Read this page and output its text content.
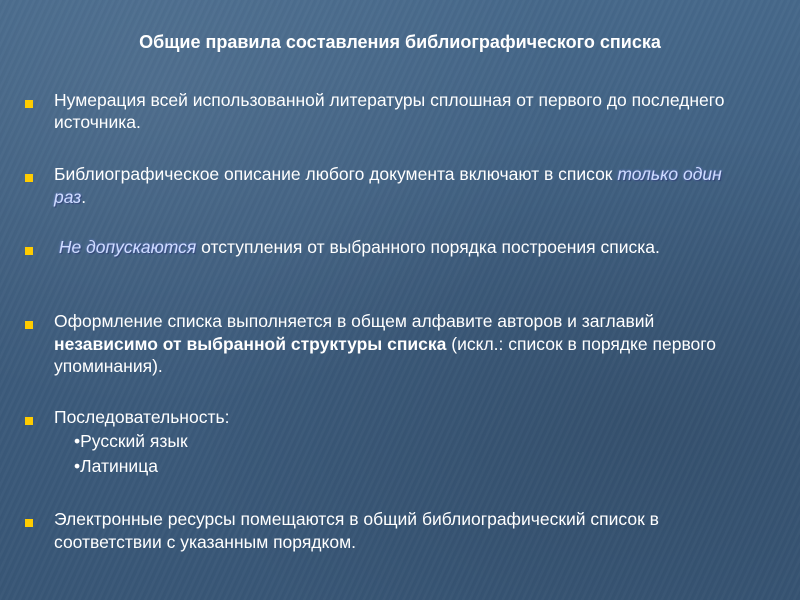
Общие правила составления библиографического списка
Нумерация всей использованной литературы сплошная от первого до последнего источника.
Библиографическое описание любого документа включают в список только один раз.
Не допускаются отступления от выбранного порядка построения списка.
Оформление списка выполняется в общем алфавите авторов и заглавий независимо от выбранной структуры списка (искл.: список в порядке первого упоминания).
Последовательность:
•Русский язык
•Латиница
Электронные ресурсы помещаются в общий библиографический список в соответствии с указанным порядком.
